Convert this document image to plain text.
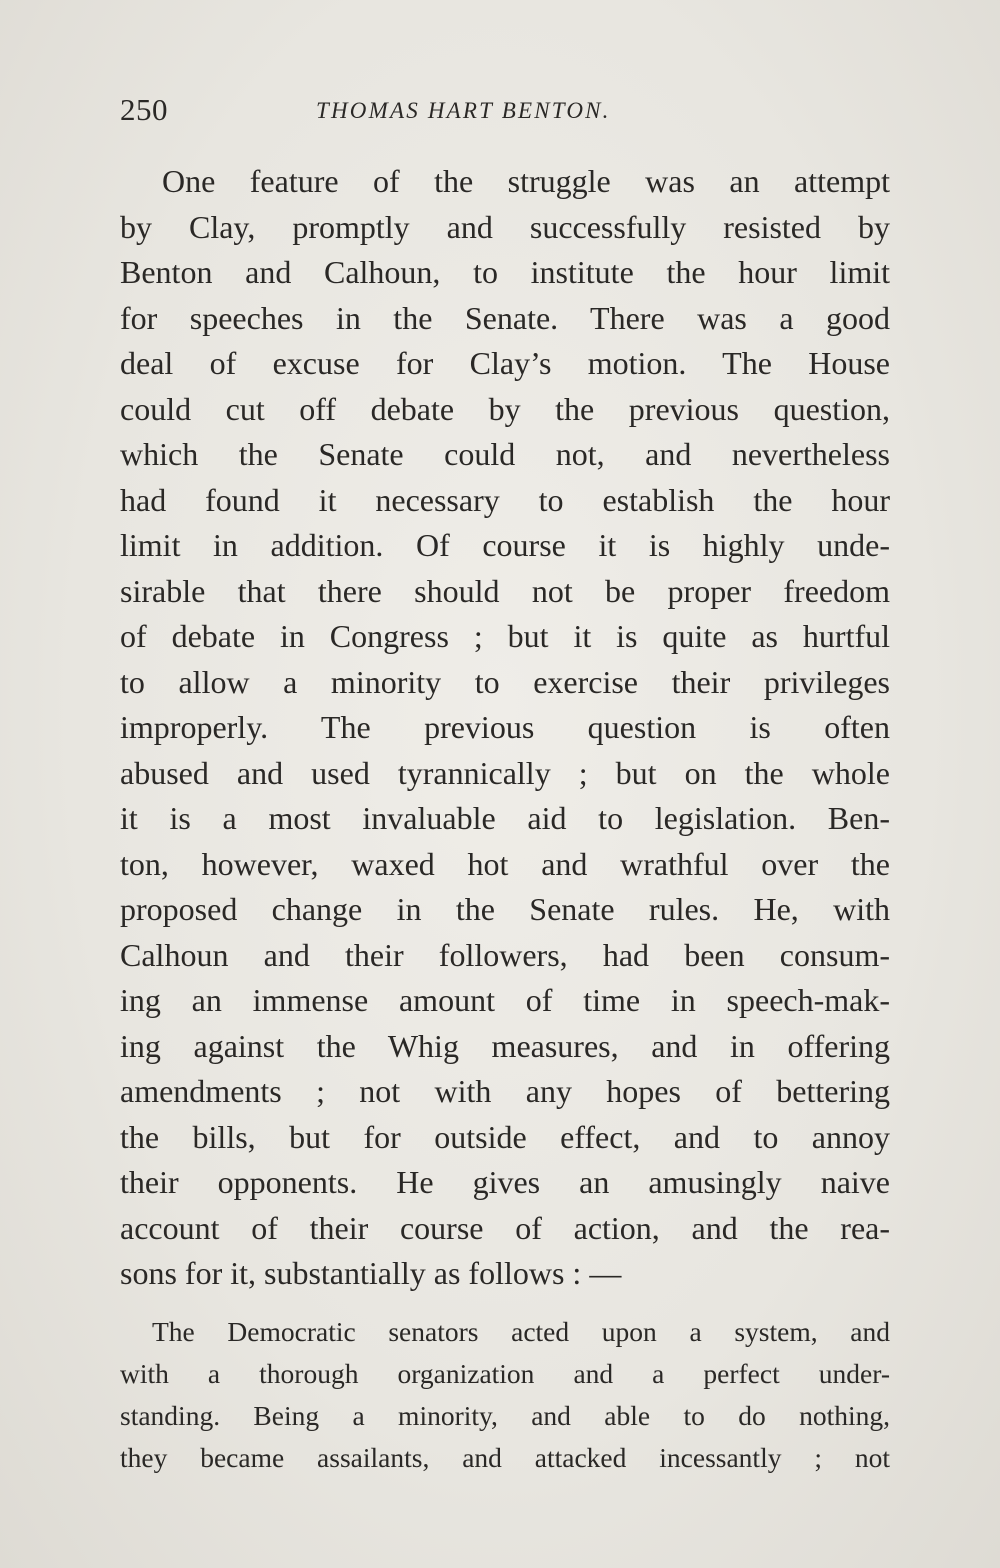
250	THOMAS HART BENTON.
One feature of the struggle was an attempt
by Clay, promptly and successfully resisted by
Benton and Calhoun, to institute the hour limit
for speeches in the Senate. There was a good
deal of excuse for Clay’s motion. The House
could cut off debate by the previous question,
which the Senate could not, and nevertheless
had found it necessary to establish the hour
limit in addition. Of course it is highly unde-
sirable that there should not be proper freedom
of debate in Congress ; but it is quite as hurtful
to allow a minority to exercise their privileges
improperly. The previous question is often
abused and used tyrannically ; but on the whole
it is a most invaluable aid to legislation. Ben-
ton, however, waxed hot and wrathful over the
proposed change in the Senate rules. He, with
Calhoun and their followers, had been consum-
ing an immense amount of time in speech-mak-
ing against the Whig measures, and in offering
amendments ; not with any hopes of bettering
the bills, but for outside effect, and to annoy
their opponents. He gives an amusingly naive
account of their course of action, and the rea-
sons for it, substantially as follows : —
The Democratic senators acted upon a system, and
with a thorough organization and a perfect under-
standing. Being a minority, and able to do nothing,
they became assailants, and attacked incessantly ; not
